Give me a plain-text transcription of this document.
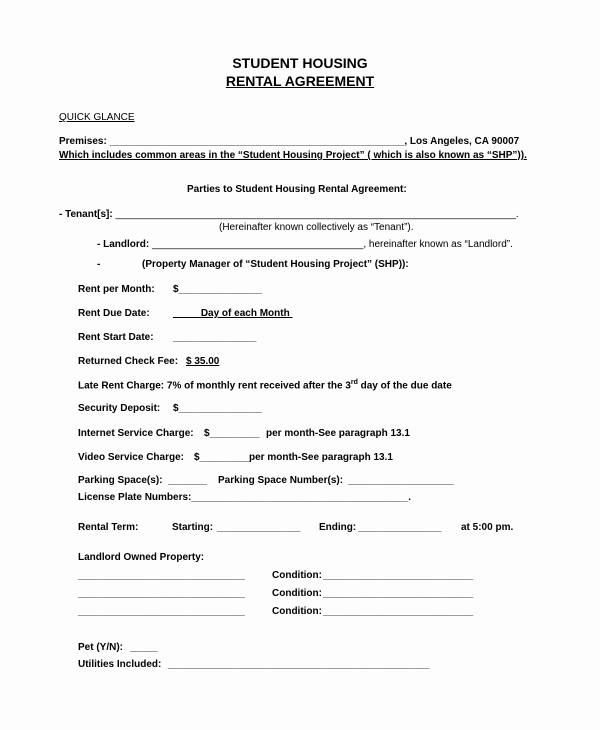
STUDENT HOUSING
RENTAL AGREEMENT
QUICK GLANCE
Premises: _____________________________________________________, Los Angeles, CA 90007
Which includes common areas in the “Student Housing Project” ( which is also known as “SHP”)).
Parties to Student Housing Rental Agreement:
- Tenant[s]: ________________________________________________________________________.
(Hereinafter known collectively as “Tenant”).
- Landlord: ______________________________________, hereinafter known as “Landlord”.
-	(Property Manager of “Student Housing Project” (SHP)):
Rent per Month: $_______________
Rent Due Date: _____Day of each Month
Rent Start Date: _______________
Returned Check Fee: $ 35.00
Late Rent Charge: 7% of monthly rent received after the 3rd day of the due date
Security Deposit: $_______________
Internet Service Charge: $_________ per month-See paragraph 13.1
Video Service Charge: $_________ per month-See paragraph 13.1
Parking Space(s): _______ Parking Space Number(s): ___________________
License Plate Numbers:_______________________________________.
Rental Term:	Starting: _______________ Ending: _______________ at 5:00 pm.
Landlord Owned Property:
______________________________	Condition: ___________________________
______________________________	Condition: ___________________________
______________________________	Condition: ___________________________
Pet (Y/N): _____
Utilities Included: _______________________________________________
